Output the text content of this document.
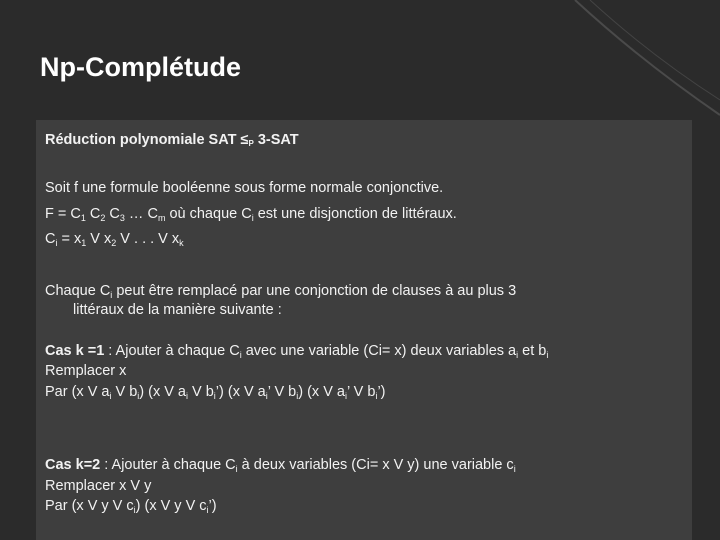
Np-Complétude
Réduction polynomiale SAT $\le_P$ 3-SAT
Soit f une formule booléenne sous forme normale conjonctive.
$F = C_1$ $C_2$ $C_3$ … $C_m$ où chaque $C_i$ est une disjonction de littéraux.
$C_i = x_1$ V $x_2$ V . . . V $x_k$
Chaque $C_i$ peut être remplacé par une conjonction de clauses à au plus 3
littéraux de la manière suivante :
Cas k =1 : Ajouter à chaque $C_i$ avec une variable (Ci= x) deux variables $a_i$ et $b_i$
Remplacer x
Par (x V $a_i$ V $b_i$) (x V $a_i$ V $b_i$’) (x V $a_i$’ V $b_i$) (x V $a_i$’ V $b_i$’)
Cas k=2 : Ajouter à chaque $C_i$ à deux variables (Ci= x V y) une variable $c_i$
Remplacer x V y
Par (x V y V $c_i$) (x V y V $c_i$’)
